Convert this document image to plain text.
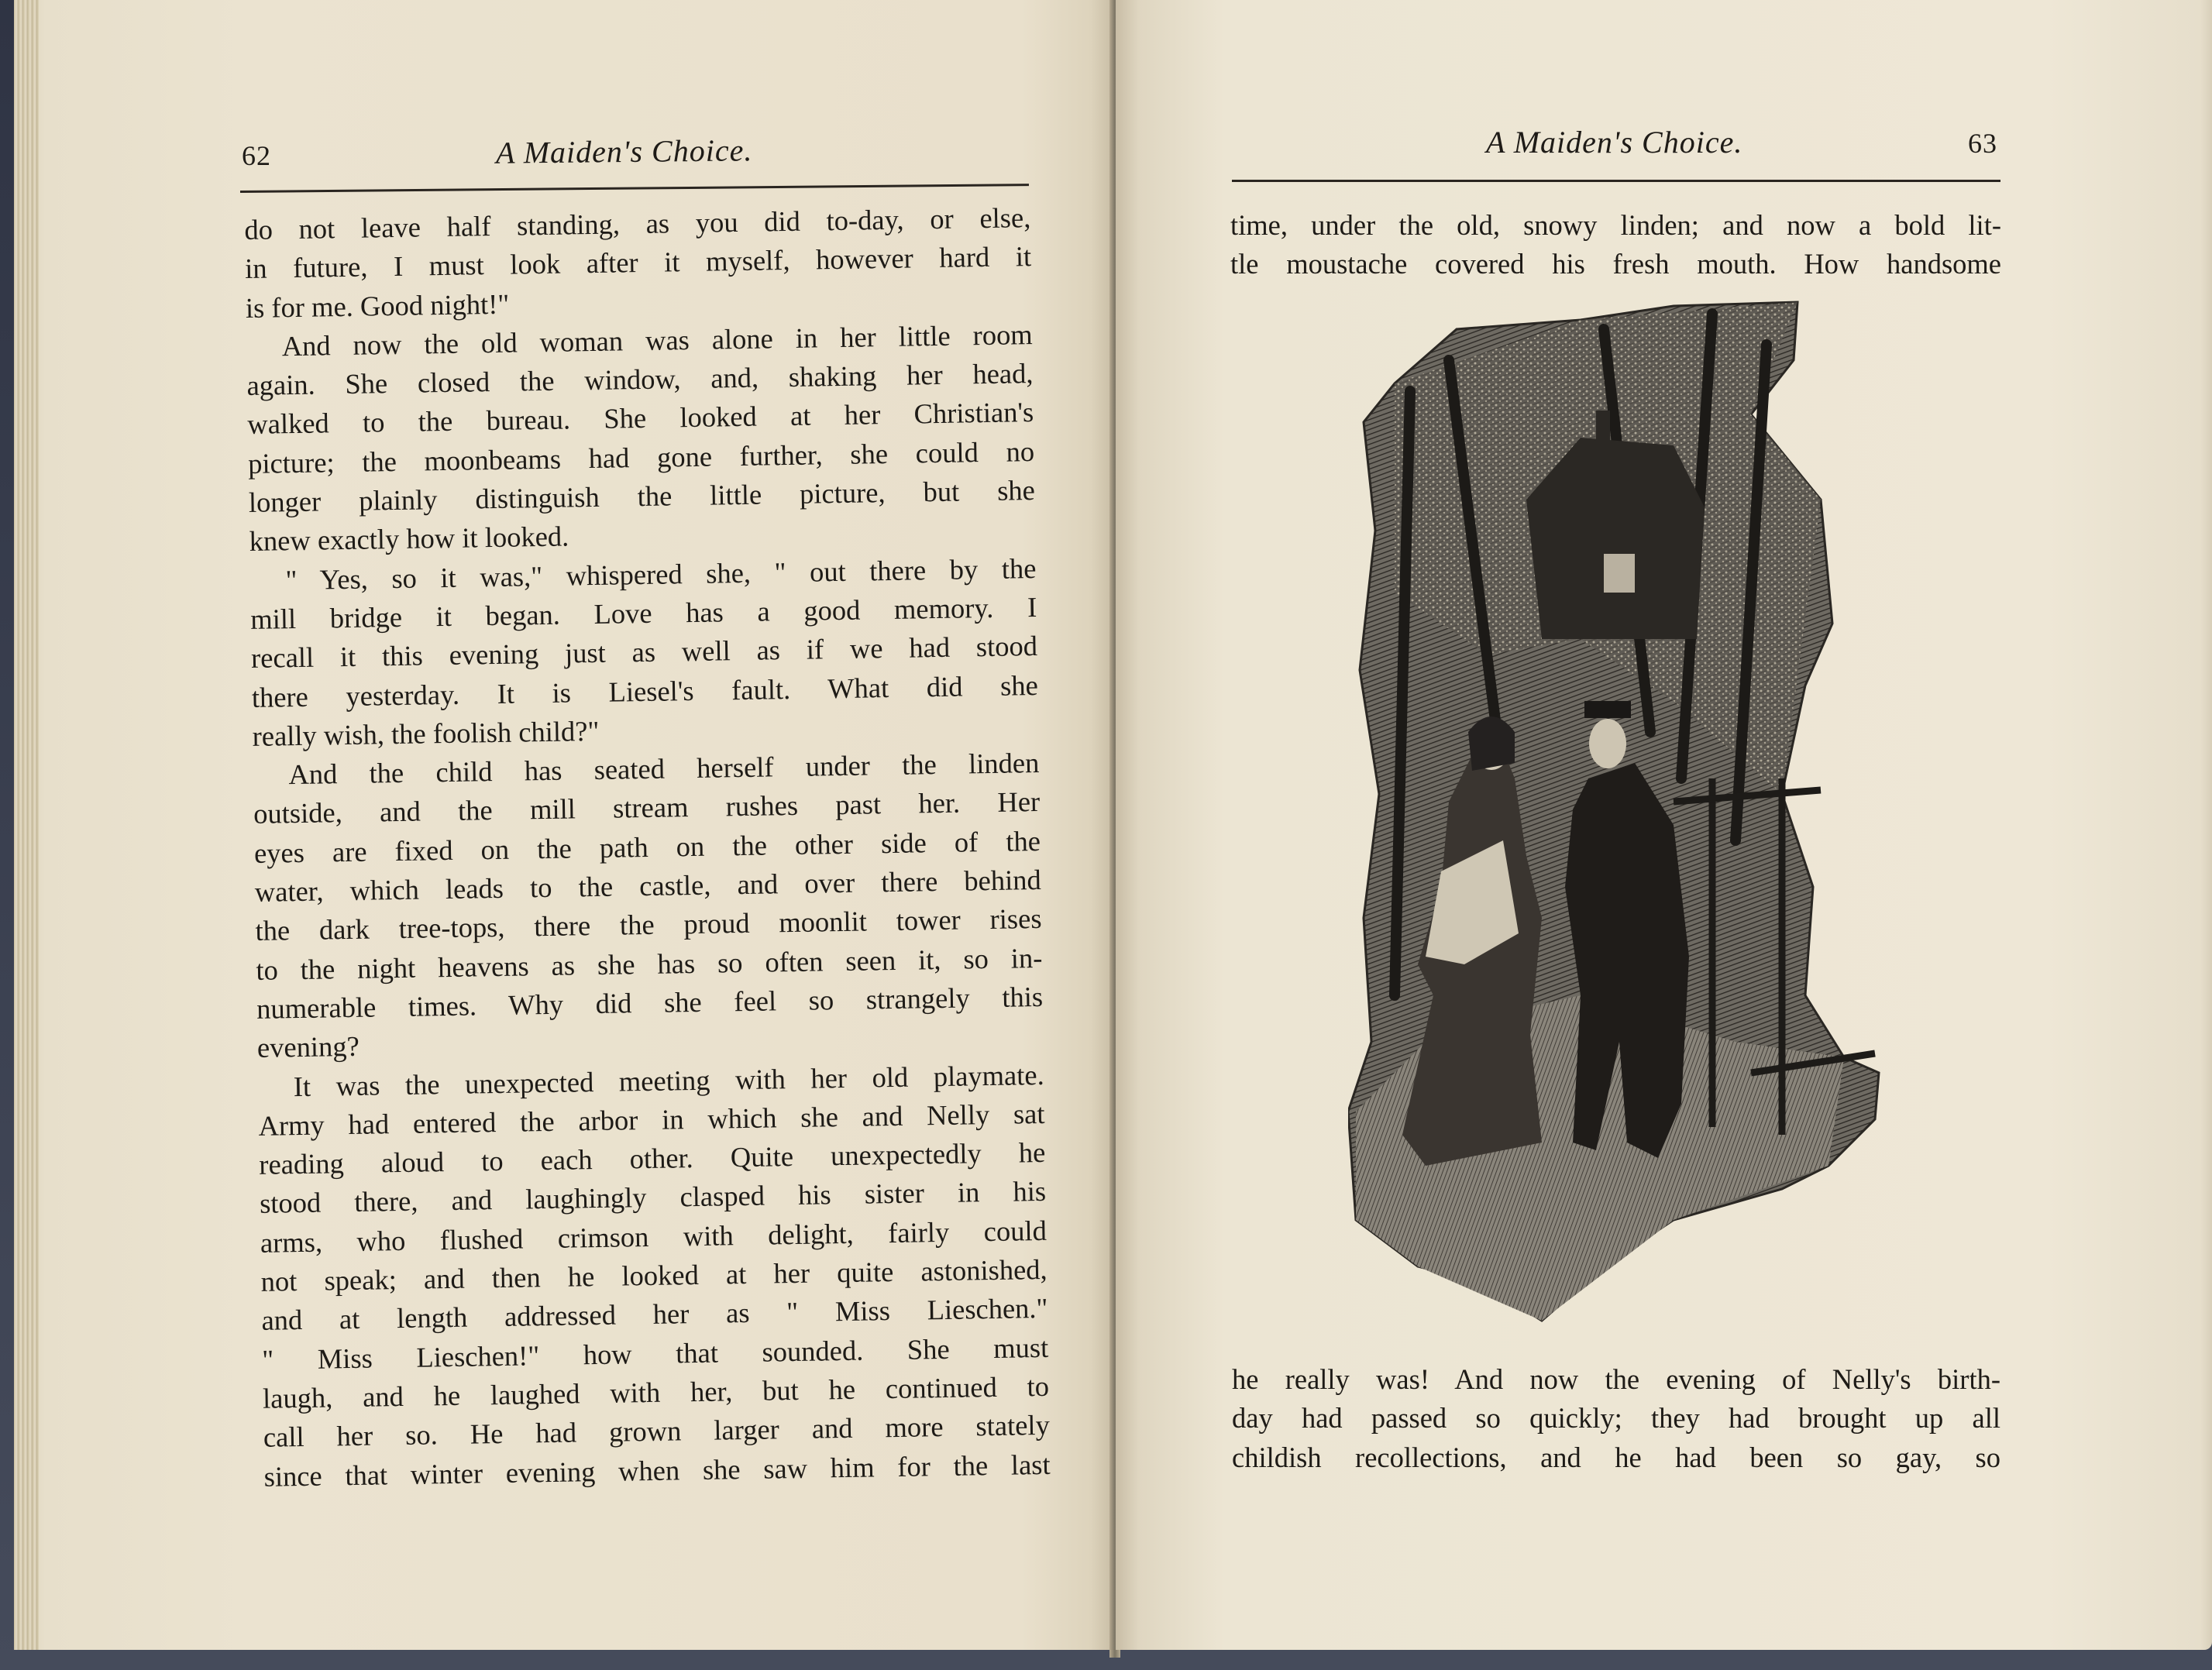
62	A Maiden's Choice.
do not leave half standing, as you did to-day, or else,
in future, I must look after it myself, however hard it
is for me. Good night!"
And now the old woman was alone in her little room
again. She closed the window, and, shaking her head,
walked to the bureau. She looked at her Christian's
picture; the moonbeams had gone further, she could no
longer plainly distinguish the little picture, but she
knew exactly how it looked.
" Yes, so it was," whispered she, " out there by the
mill bridge it began. Love has a good memory. I
recall it this evening just as well as if we had stood
there yesterday. It is Liesel's fault. What did she
really wish, the foolish child?"
And the child has seated herself under the linden
outside, and the mill stream rushes past her. Her
eyes are fixed on the path on the other side of the
water, which leads to the castle, and over there behind
the dark tree-tops, there the proud moonlit tower rises
to the night heavens as she has so often seen it, so in-
numerable times. Why did she feel so strangely this
evening?
It was the unexpected meeting with her old playmate.
Army had entered the arbor in which she and Nelly sat
reading aloud to each other. Quite unexpectedly he
stood there, and laughingly clasped his sister in his
arms, who flushed crimson with delight, fairly could
not speak; and then he looked at her quite astonished,
and at length addressed her as " Miss Lieschen."
" Miss Lieschen!" how that sounded. She must
laugh, and he laughed with her, but he continued to
call her so. He had grown larger and more stately
since that winter evening when she saw him for the last
A Maiden's Choice.	63
time, under the old, snowy linden; and now a bold lit-
tle moustache covered his fresh mouth. How handsome
he really was! And now the evening of Nelly's birth-
day had passed so quickly; they had brought up all
childish recollections, and he had been so gay, so
